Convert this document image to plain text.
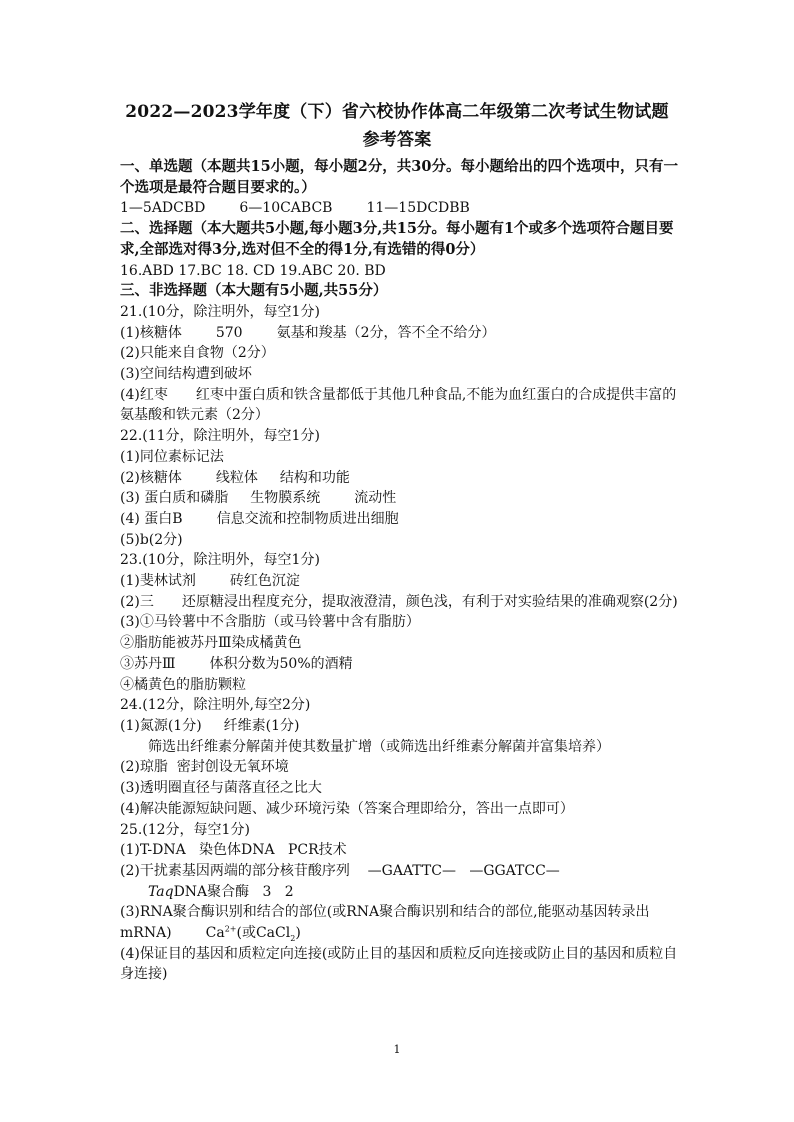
2022—2023学年度（下）省六校协作体高二年级第二次考试生物试题
参考答案
一、单选题（本题共15小题，每小题2分，共30分。每小题给出的四个选项中，只有一个选项是最符合题目要求的。）
1—5ADCBD 6—10CABCB 11—15DCDBB
二、选择题（本大题共5小题,每小题3分,共15分。每小题有1个或多个选项符合题目要求,全部选对得3分,选对但不全的得1分,有选错的得0分）
16.ABD 17.BC 18. CD 19.ABC 20. BD
三、非选择题（本大题有5小题,共55分）
21.(10分，除注明外，每空1分)
(1)核糖体 570 氨基和羧基（2分，答不全不给分）
(2)只能来自食物（2分）
(3)空间结构遭到破坏
(4)红枣　　红枣中蛋白质和铁含量都低于其他几种食品,不能为血红蛋白的合成提供丰富的氨基酸和铁元素（2分）
22.(11分，除注明外，每空1分)
(1)同位素标记法
(2)核糖体 线粒体 结构和功能
(3) 蛋白质和磷脂 生物膜系统 流动性
(4) 蛋白B 信息交流和控制物质进出细胞
(5)b(2分)
23.(10分，除注明外，每空1分)
(1)斐林试剂 砖红色沉淀
(2)三　　还原糖浸出程度充分，提取液澄清，颜色浅，有利于对实验结果的准确观察(2分)
(3)①马铃薯中不含脂肪（或马铃薯中含有脂肪）
②脂肪能被苏丹Ⅲ染成橘黄色
③苏丹Ⅲ 体积分数为50%的酒精
④橘黄色的脂肪颗粒
24.(12分，除注明外,每空2分)
(1)氮源(1分) 纤维素(1分)
筛选出纤维素分解菌并使其数量扩增（或筛选出纤维素分解菌并富集培养）
(2)琼脂 密封创设无氧环境
(3)透明圈直径与菌落直径之比大
(4)解决能源短缺问题、减少环境污染（答案合理即给分，答出一点即可）
25.(12分，每空1分)
(1)T-DNA 染色体DNA PCR技术
(2)干扰素基因两端的部分核苷酸序列 —GAATTC— —GGATCC—
TaqDNA聚合酶 3 2
(3)RNA聚合酶识别和结合的部位(或RNA聚合酶识别和结合的部位,能驱动基因转录出mRNA) $Ca^{2+}$(或CaCl$_2$)
(4)保证目的基因和质粒定向连接(或防止目的基因和质粒反向连接或防止目的基因和质粒自身连接)
1
